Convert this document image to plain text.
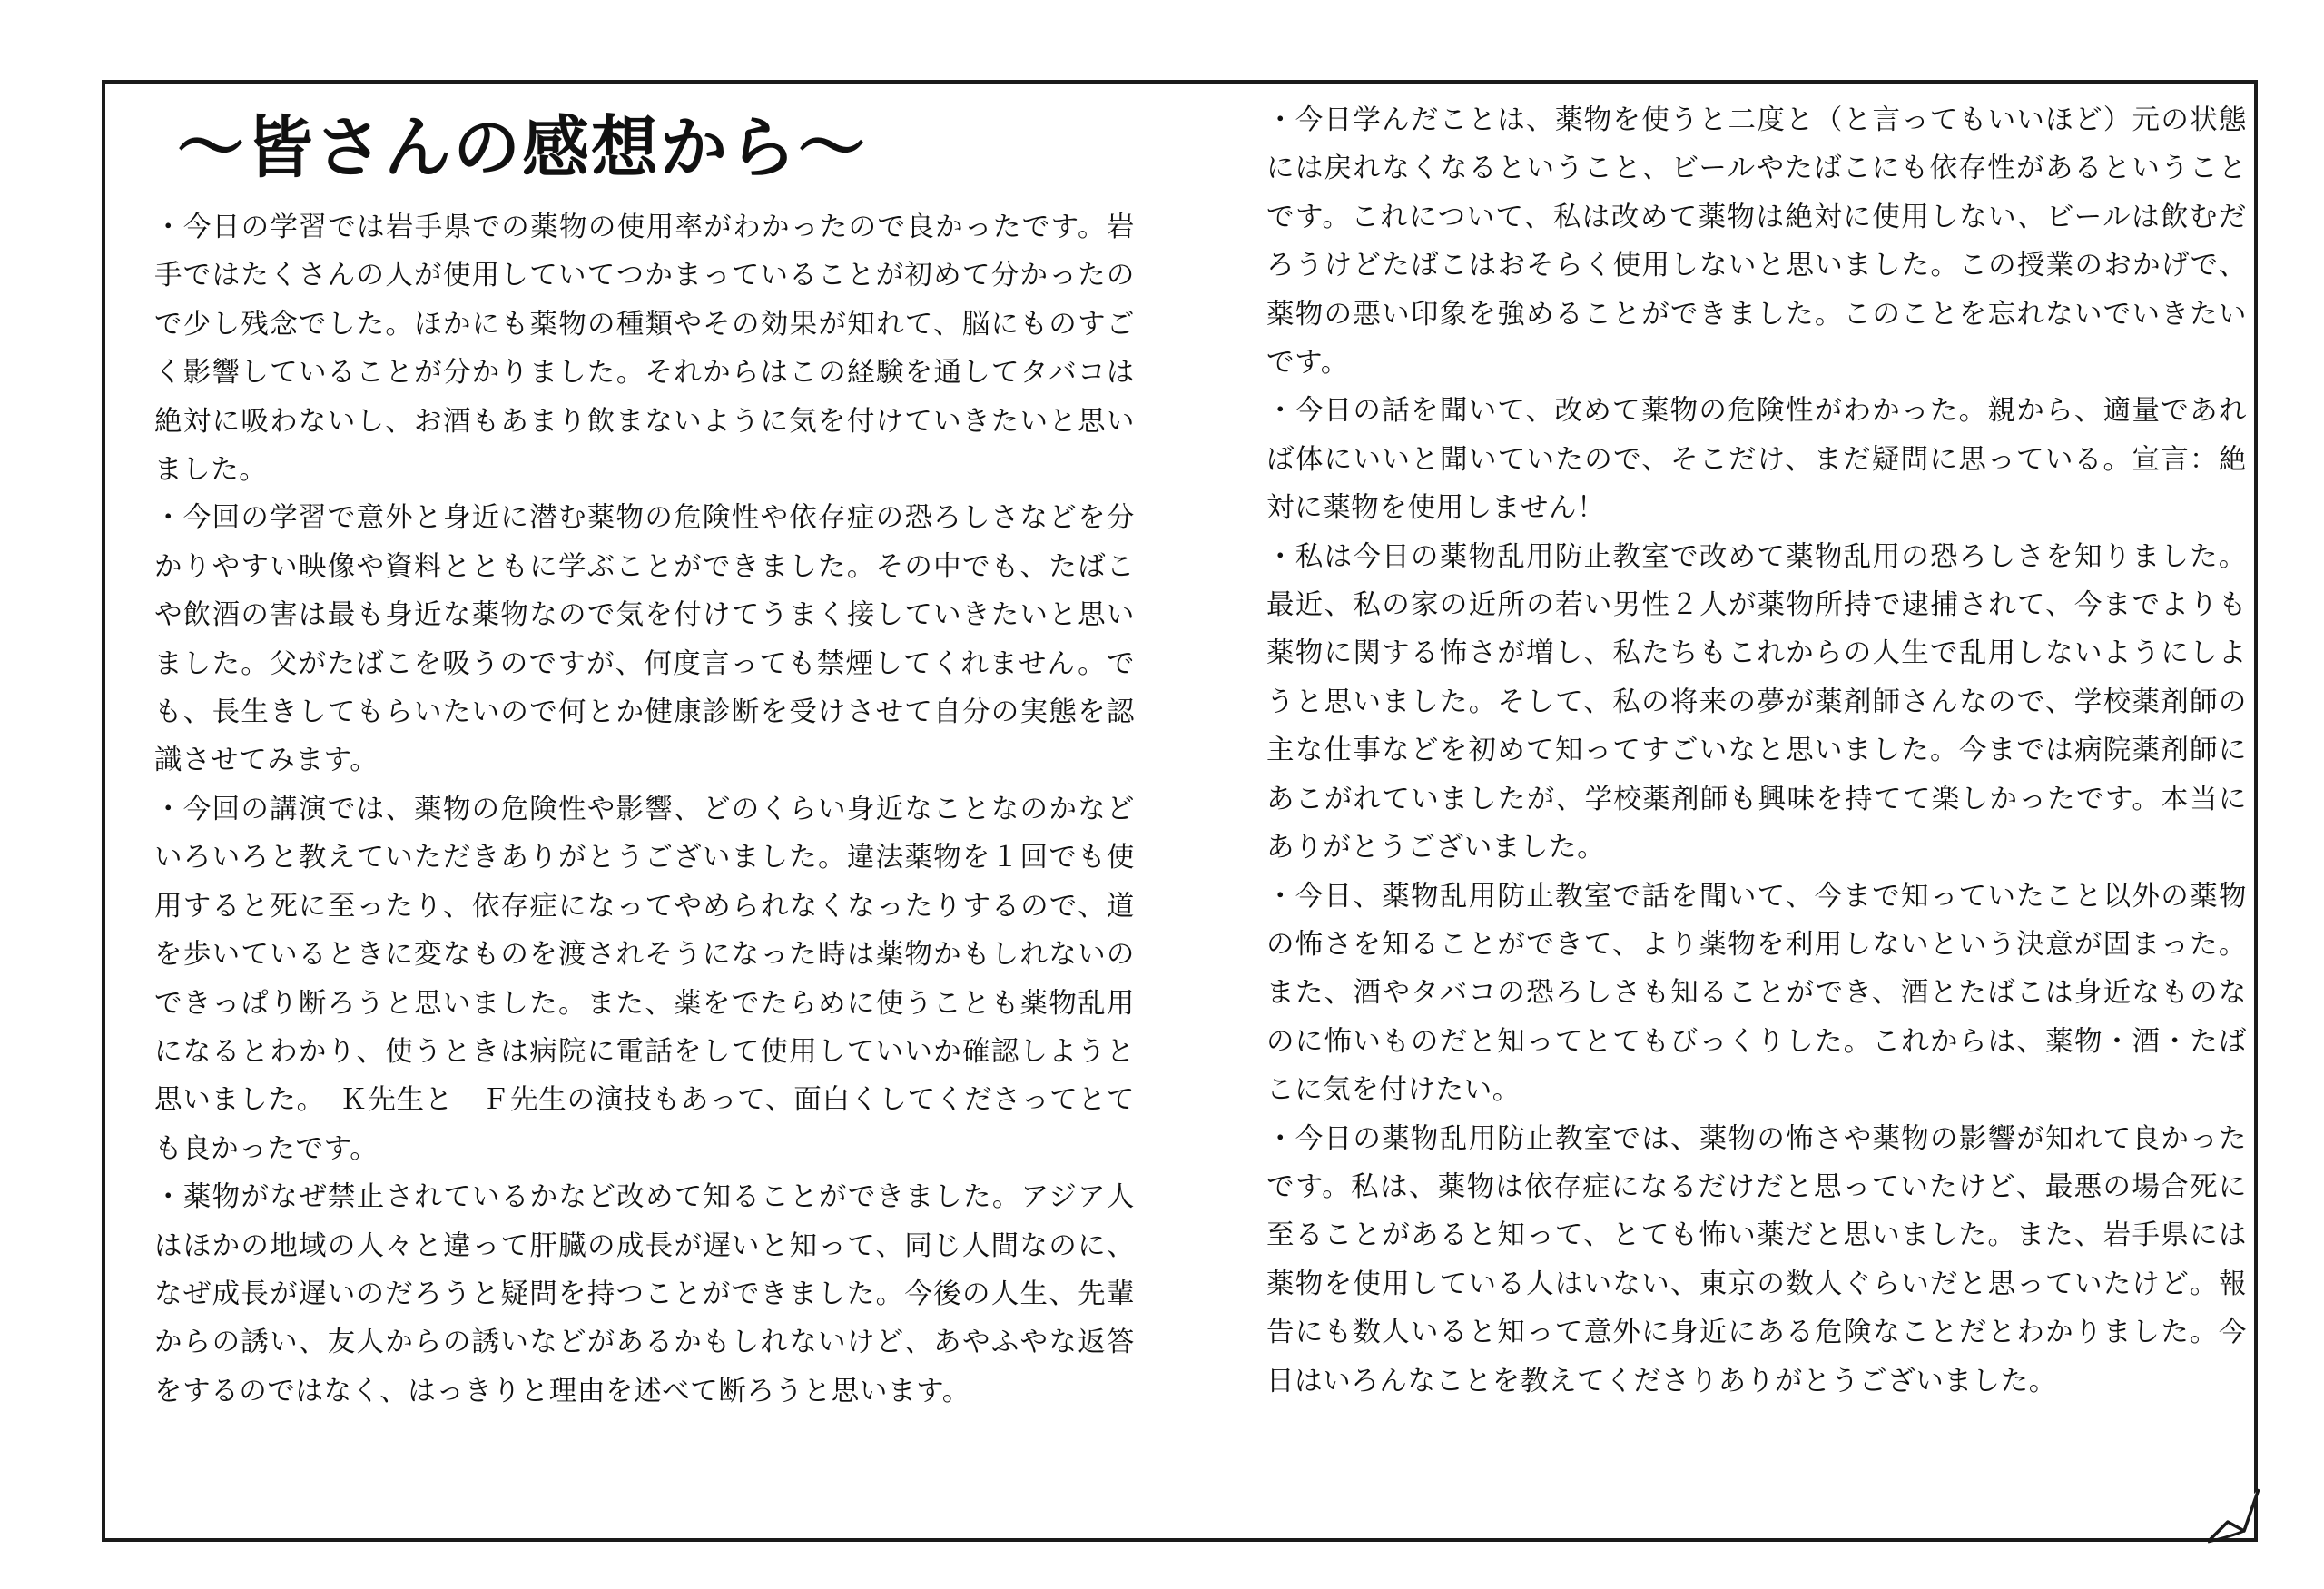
～皆さんの感想から～
・今日の学習では岩手県での薬物の使用率がわかったので良かったです。岩手ではたくさんの人が使用していてつかまっていることが初めて分かったので少し残念でした。ほかにも薬物の種類やその効果が知れて、脳にものすごく影響していることが分かりました。それからはこの経験を通してタバコは絶対に吸わないし、お酒もあまり飲まないように気を付けていきたいと思いました。
・今回の学習で意外と身近に潜む薬物の危険性や依存症の恐ろしさなどを分かりやすい映像や資料とともに学ぶことができました。その中でも、たばこや飲酒の害は最も身近な薬物なので気を付けてうまく接していきたいと思いました。父がたばこを吸うのですが、何度言っても禁煙してくれません。でも、長生きしてもらいたいので何とか健康診断を受けさせて自分の実態を認識させてみます。
・今回の講演では、薬物の危険性や影響、どのくらい身近なことなのかなどいろいろと教えていただきありがとうございました。違法薬物を１回でも使用すると死に至ったり、依存症になってやめられなくなったりするので、道を歩いているときに変なものを渡されそうになった時は薬物かもしれないのできっぱり断ろうと思いました。また、薬をでたらめに使うことも薬物乱用になるとわかり、使うときは病院に電話をして使用していいか確認しようと思いました。　Ｋ先生と　Ｆ先生の演技もあって、面白くしてくださってとても良かったです。
・薬物がなぜ禁止されているかなど改めて知ることができました。アジア人はほかの地域の人々と違って肝臓の成長が遅いと知って、同じ人間なのに、なぜ成長が遅いのだろうと疑問を持つことができました。今後の人生、先輩からの誘い、友人からの誘いなどがあるかもしれないけど、あやふやな返答をするのではなく、はっきりと理由を述べて断ろうと思います。
・今日学んだことは、薬物を使うと二度と（と言ってもいいほど）元の状態には戻れなくなるということ、ビールやたばこにも依存性があるということです。これについて、私は改めて薬物は絶対に使用しない、ビールは飲むだろうけどたばこはおそらく使用しないと思いました。この授業のおかげで、薬物の悪い印象を強めることができました。このことを忘れないでいきたいです。
・今日の話を聞いて、改めて薬物の危険性がわかった。親から、適量であれば体にいいと聞いていたので、そこだけ、まだ疑問に思っている。宣言：絶対に薬物を使用しません！
・私は今日の薬物乱用防止教室で改めて薬物乱用の恐ろしさを知りました。最近、私の家の近所の若い男性２人が薬物所持で逮捕されて、今までよりも薬物に関する怖さが増し、私たちもこれからの人生で乱用しないようにしようと思いました。そして、私の将来の夢が薬剤師さんなので、学校薬剤師の主な仕事などを初めて知ってすごいなと思いました。今までは病院薬剤師にあこがれていましたが、学校薬剤師も興味を持てて楽しかったです。本当にありがとうございました。
・今日、薬物乱用防止教室で話を聞いて、今まで知っていたこと以外の薬物の怖さを知ることができて、より薬物を利用しないという決意が固まった。また、酒やタバコの恐ろしさも知ることができ、酒とたばこは身近なものなのに怖いものだと知ってとてもびっくりした。これからは、薬物・酒・たばこに気を付けたい。
・今日の薬物乱用防止教室では、薬物の怖さや薬物の影響が知れて良かったです。私は、薬物は依存症になるだけだと思っていたけど、最悪の場合死に至ることがあると知って、とても怖い薬だと思いました。また、岩手県には薬物を使用している人はいない、東京の数人ぐらいだと思っていたけど。報告にも数人いると知って意外に身近にある危険なことだとわかりました。今日はいろんなことを教えてくださりありがとうございました。
